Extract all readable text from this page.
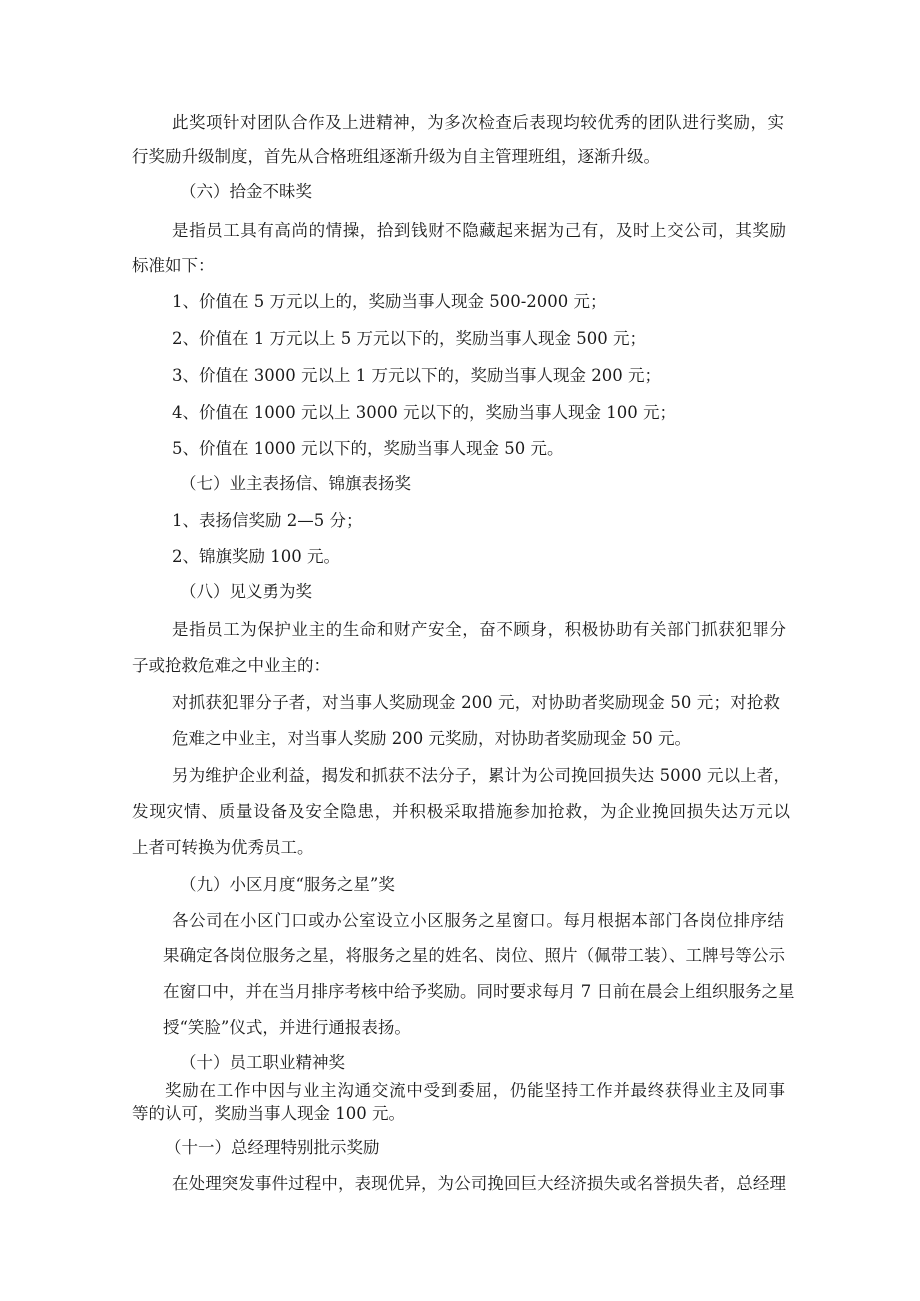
此奖项针对团队合作及上进精神，为多次检查后表现均较优秀的团队进行奖励，实
行奖励升级制度，首先从合格班组逐渐升级为自主管理班组，逐渐升级。
（六）拾金不昧奖
是指员工具有高尚的情操，拾到钱财不隐藏起来据为己有，及时上交公司，其奖励
标准如下：
1、价值在 5 万元以上的，奖励当事人现金 500-2000 元；
2、价值在 1 万元以上 5 万元以下的，奖励当事人现金 500 元；
3、价值在 3000 元以上 1 万元以下的，奖励当事人现金 200 元；
4、价值在 1000 元以上 3000 元以下的，奖励当事人现金 100 元；
5、价值在 1000 元以下的，奖励当事人现金 50 元。
（七）业主表扬信、锦旗表扬奖
1、表扬信奖励 2—5 分；
2、锦旗奖励 100 元。
（八）见义勇为奖
是指员工为保护业主的生命和财产安全，奋不顾身，积极协助有关部门抓获犯罪分
子或抢救危难之中业主的：
对抓获犯罪分子者，对当事人奖励现金 200 元，对协助者奖励现金 50 元；对抢救
危难之中业主，对当事人奖励 200 元奖励，对协助者奖励现金 50 元。
另为维护企业利益，揭发和抓获不法分子，累计为公司挽回损失达 5000 元以上者，
发现灾情、质量设备及安全隐患，并积极采取措施参加抢救，为企业挽回损失达万元以
上者可转换为优秀员工。
（九）小区月度“服务之星”奖
各公司在小区门口或办公室设立小区服务之星窗口。每月根据本部门各岗位排序结
果确定各岗位服务之星，将服务之星的姓名、岗位、照片（佩带工装）、工牌号等公示
在窗口中，并在当月排序考核中给予奖励。同时要求每月 7 日前在晨会上组织服务之星
授“笑脸”仪式，并进行通报表扬。
（十）员工职业精神奖
奖励在工作中因与业主沟通交流中受到委屈，仍能坚持工作并最终获得业主及同事
等的认可，奖励当事人现金 100 元。
（十一）总经理特别批示奖励
在处理突发事件过程中，表现优异，为公司挽回巨大经济损失或名誉损失者，总经理
